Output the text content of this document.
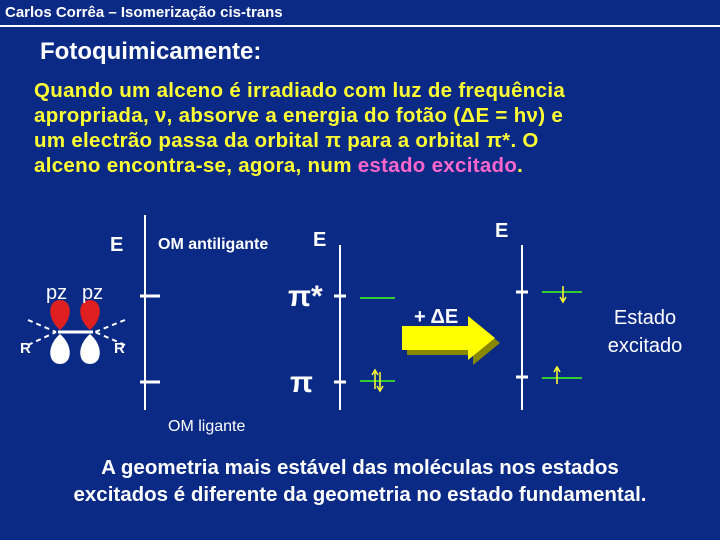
Carlos Corrêa – Isomerização cis-trans
Fotoquimicamente:
Quando um alceno é irradiado com luz de frequência
apropriada, ν, absorve a energia do fotão (ΔE = hν) e
um electrão passa da orbital π para a orbital π*. O
alceno encontra-se, agora, num estado excitado.
E OM antiligante E	E
pz pz
R	R
π*
π
+ ΔE	Estado
excitado
OM ligante
A geometria mais estável das moléculas nos estados
excitados é diferente da geometria no estado fundamental.
